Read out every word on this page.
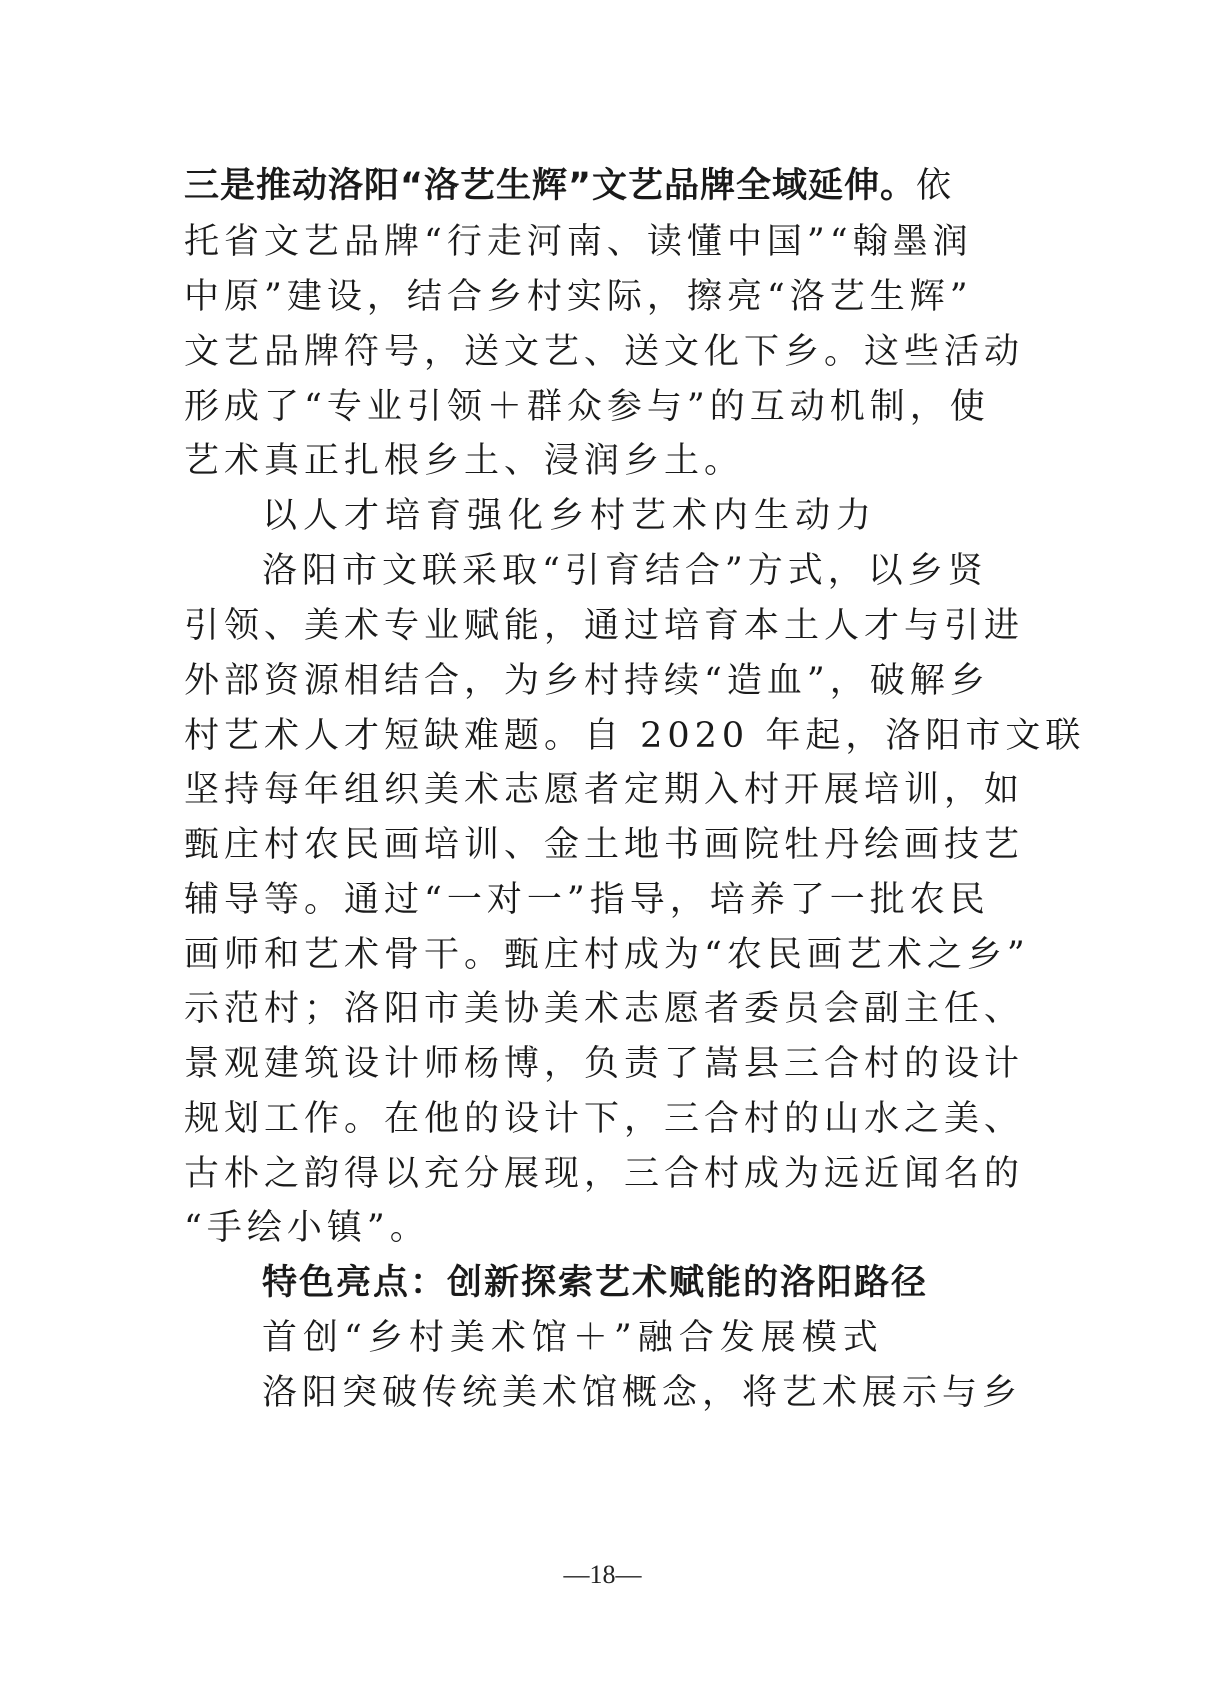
三是推动洛阳“洛艺生辉”文艺品牌全域延伸。依
托省文艺品牌“行走河南、读懂中国”“翰墨润
中原”建设，结合乡村实际，擦亮“洛艺生辉”
文艺品牌符号，送文艺、送文化下乡。这些活动
形成了“专业引领＋群众参与”的互动机制，使
艺术真正扎根乡土、浸润乡土。
以人才培育强化乡村艺术内生动力
洛阳市文联采取“引育结合”方式，以乡贤
引领、美术专业赋能，通过培育本土人才与引进
外部资源相结合，为乡村持续“造血”，破解乡
村艺术人才短缺难题。自 2020 年起，洛阳市文联
坚持每年组织美术志愿者定期入村开展培训，如
甄庄村农民画培训、金土地书画院牡丹绘画技艺
辅导等。通过“一对一”指导，培养了一批农民
画师和艺术骨干。甄庄村成为“农民画艺术之乡”
示范村；洛阳市美协美术志愿者委员会副主任、
景观建筑设计师杨博，负责了嵩县三合村的设计
规划工作。在他的设计下，三合村的山水之美、
古朴之韵得以充分展现，三合村成为远近闻名的
“手绘小镇”。
特色亮点：创新探索艺术赋能的洛阳路径
首创“乡村美术馆＋”融合发展模式
洛阳突破传统美术馆概念，将艺术展示与乡
—18—
